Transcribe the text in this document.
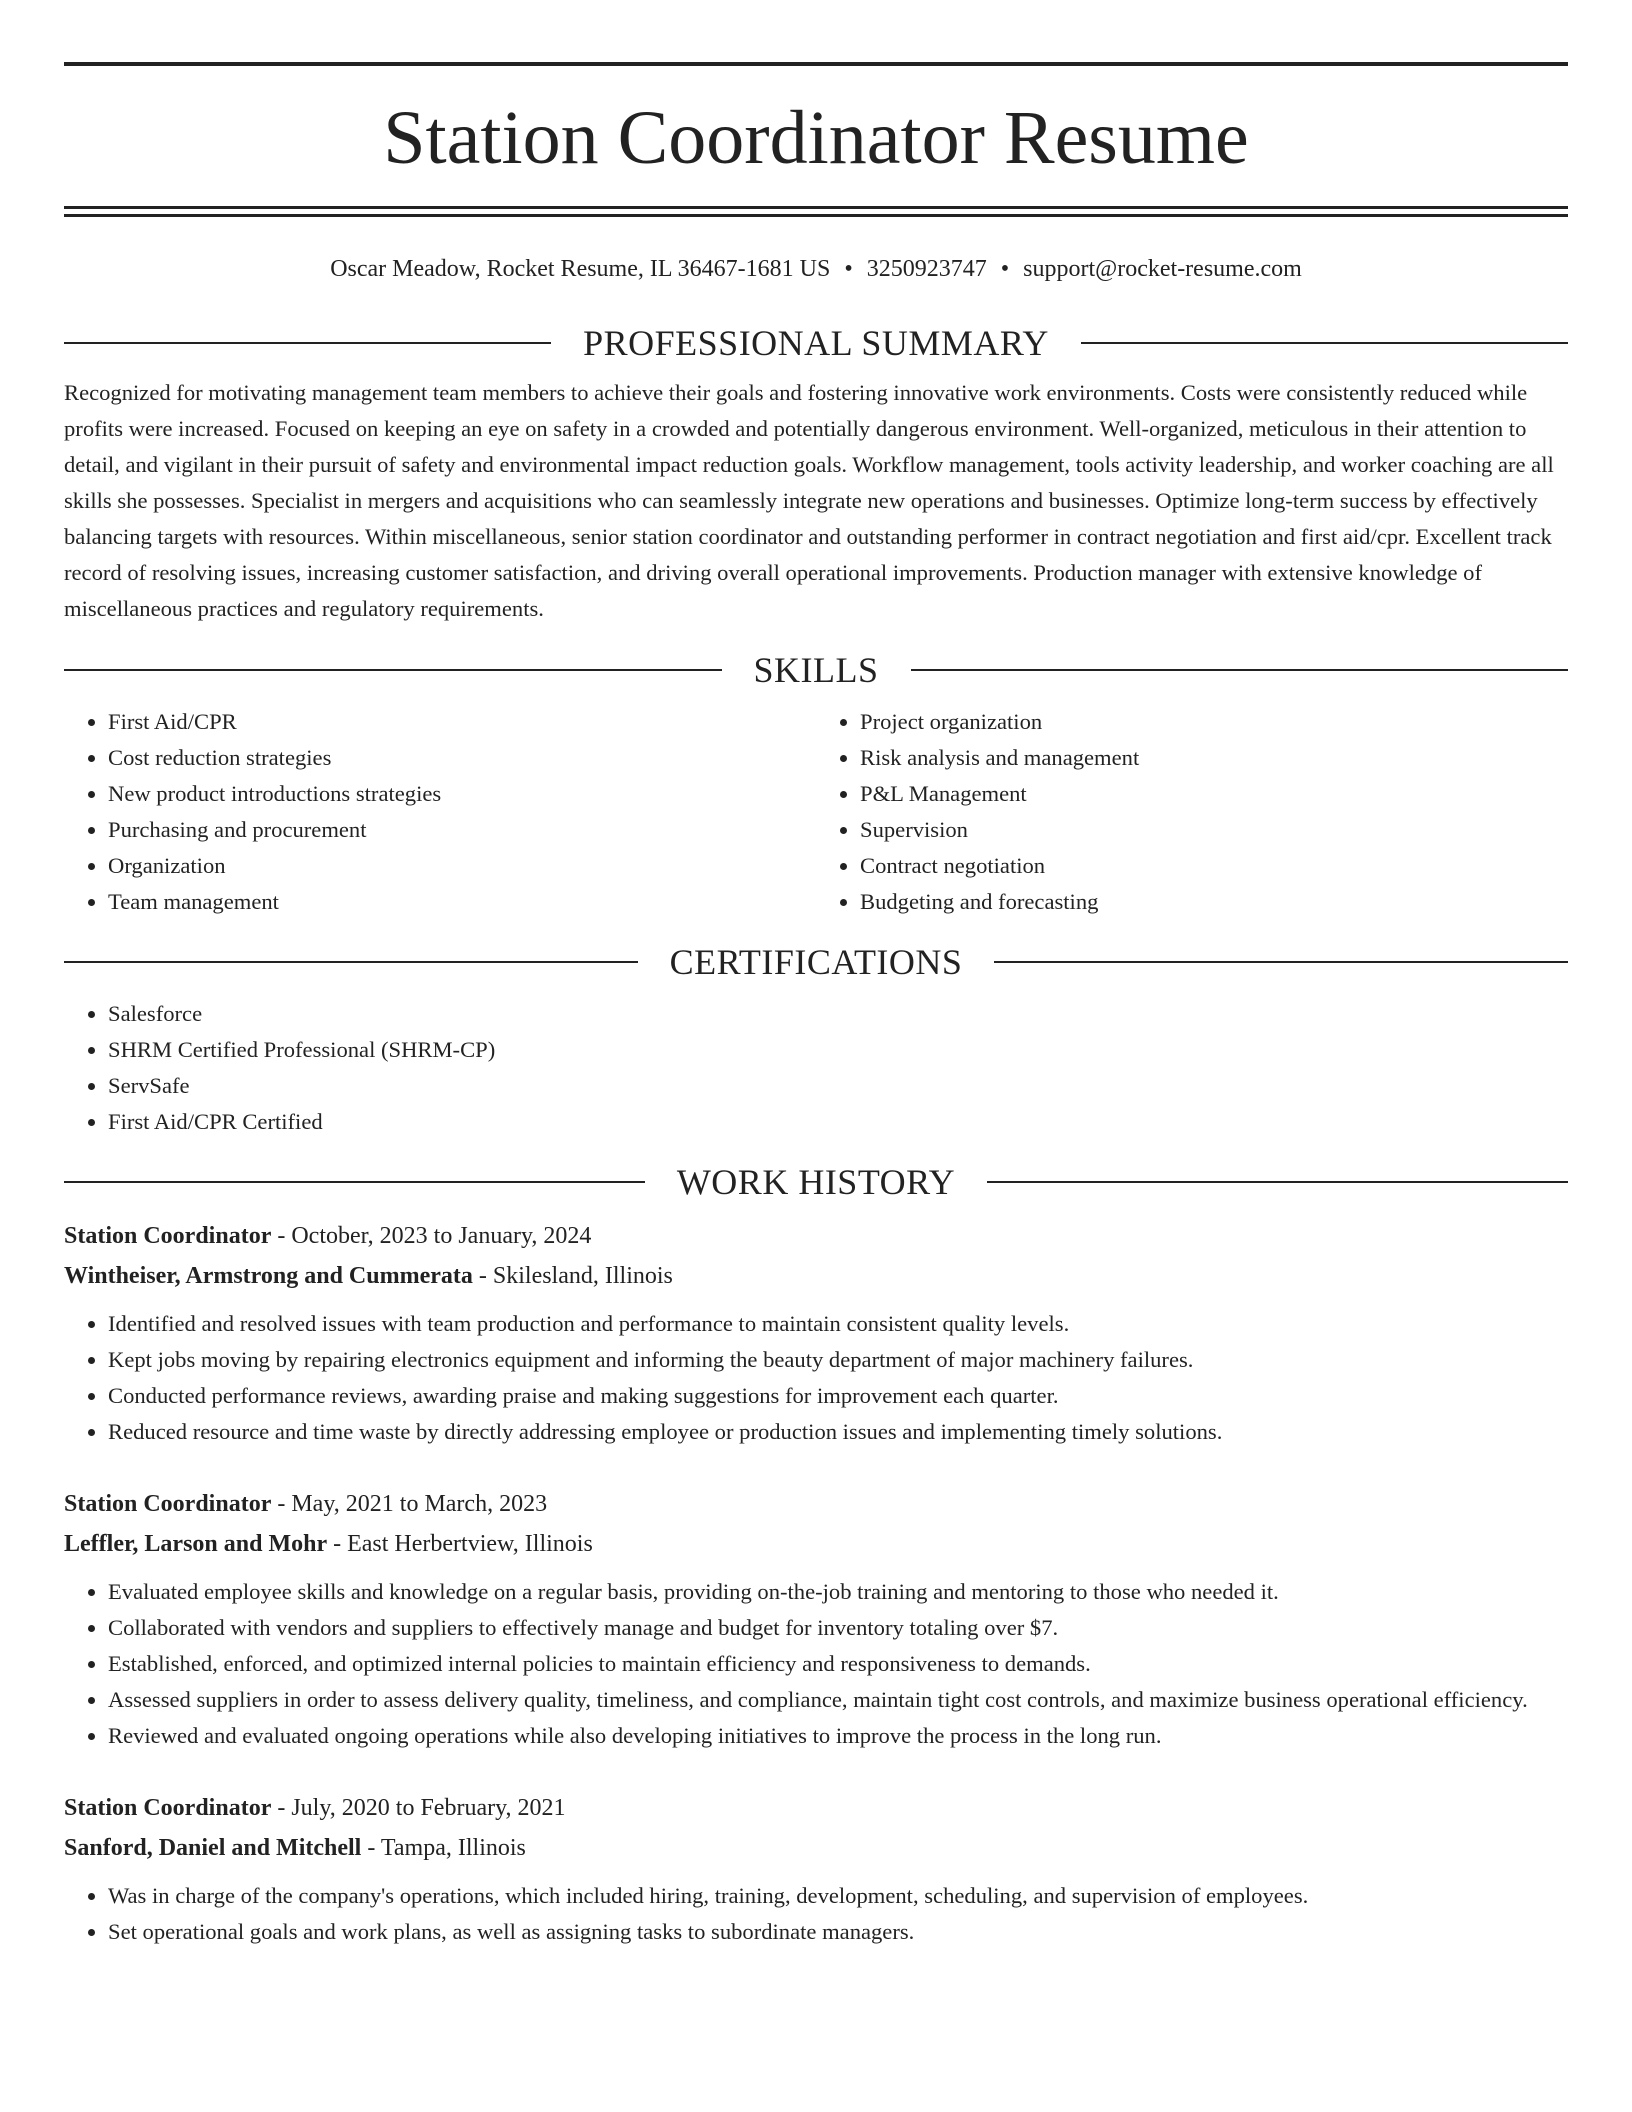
Station Coordinator Resume
Oscar Meadow, Rocket Resume, IL 36467-1681 US • 3250923747 • support@rocket-resume.com
PROFESSIONAL SUMMARY

Recognized for motivating management team members to achieve their goals and fostering innovative work environments. Costs were consistently reduced while profits were increased. Focused on keeping an eye on safety in a crowded and potentially dangerous environment. Well-organized, meticulous in their attention to detail, and vigilant in their pursuit of safety and environmental impact reduction goals. Workflow management, tools activity leadership, and worker coaching are all skills she possesses. Specialist in mergers and acquisitions who can seamlessly integrate new operations and businesses. Optimize long-term success by effectively balancing targets with resources. Within miscellaneous, senior station coordinator and outstanding performer in contract negotiation and first aid/cpr. Excellent track record of resolving issues, increasing customer satisfaction, and driving overall operational improvements. Production manager with extensive knowledge of miscellaneous practices and regulatory requirements.

SKILLS
• First Aid/CPR
• Cost reduction strategies
• New product introductions strategies
• Purchasing and procurement
• Organization
• Team management
• Project organization
• Risk analysis and management
• P&L Management
• Supervision
• Contract negotiation
• Budgeting and forecasting
CERTIFICATIONS
• Salesforce
• SHRM Certified Professional (SHRM-CP)
• ServSafe
• First Aid/CPR Certified
WORK HISTORY
Station Coordinator - October, 2023 to January, 2024
Wintheiser, Armstrong and Cummerata - Skilesland, Illinois
• Identified and resolved issues with team production and performance to maintain consistent quality levels.
• Kept jobs moving by repairing electronics equipment and informing the beauty department of major machinery failures.
• Conducted performance reviews, awarding praise and making suggestions for improvement each quarter.
• Reduced resource and time waste by directly addressing employee or production issues and implementing timely solutions.
Station Coordinator - May, 2021 to March, 2023
Leffler, Larson and Mohr - East Herbertview, Illinois
• Evaluated employee skills and knowledge on a regular basis, providing on-the-job training and mentoring to those who needed it.
• Collaborated with vendors and suppliers to effectively manage and budget for inventory totaling over $7.
• Established, enforced, and optimized internal policies to maintain efficiency and responsiveness to demands.
• Assessed suppliers in order to assess delivery quality, timeliness, and compliance, maintain tight cost controls, and maximize business operational efficiency.
• Reviewed and evaluated ongoing operations while also developing initiatives to improve the process in the long run.
Station Coordinator - July, 2020 to February, 2021
Sanford, Daniel and Mitchell - Tampa, Illinois
• Was in charge of the company's operations, which included hiring, training, development, scheduling, and supervision of employees.
• Set operational goals and work plans, as well as assigning tasks to subordinate managers.
